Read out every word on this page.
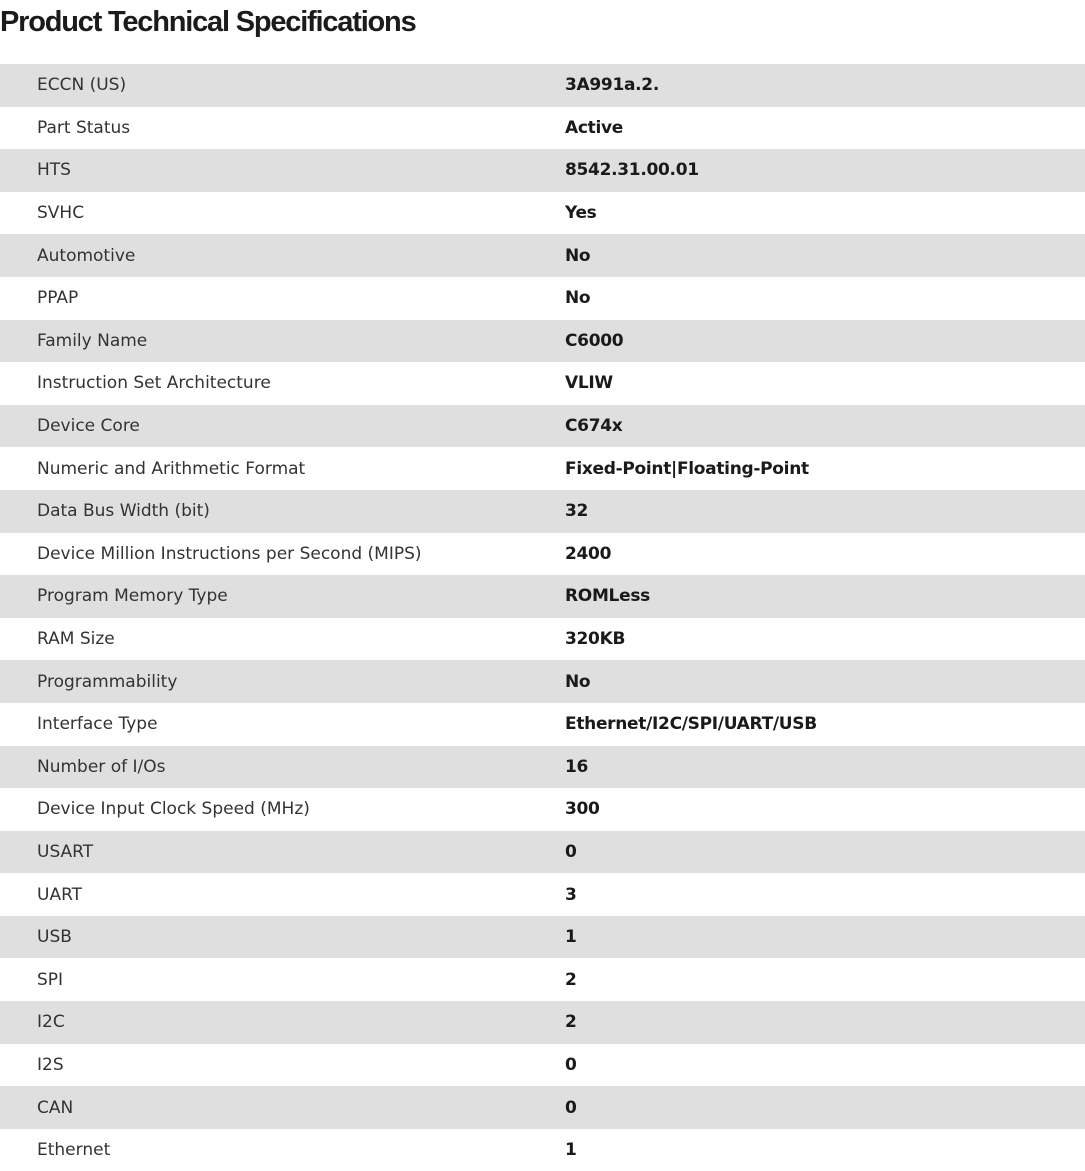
Product Technical Specifications
ECCN (US)	3A991a.2.
Part Status	Active
HTS	8542.31.00.01
SVHC	Yes
Automotive	No
PPAP	No
Family Name	C6000
Instruction Set Architecture	VLIW
Device Core	C674x
Numeric and Arithmetic Format	Fixed-Point|Floating-Point
Data Bus Width (bit)	32
Device Million Instructions per Second (MIPS)	2400
Program Memory Type	ROMLess
RAM Size	320KB
Programmability	No
Interface Type	Ethernet/I2C/SPI/UART/USB
Number of I/Os	16
Device Input Clock Speed (MHz)	300
USART	0
UART	3
USB	1
SPI	2
I2C	2
I2S	0
CAN	0
Ethernet	1
